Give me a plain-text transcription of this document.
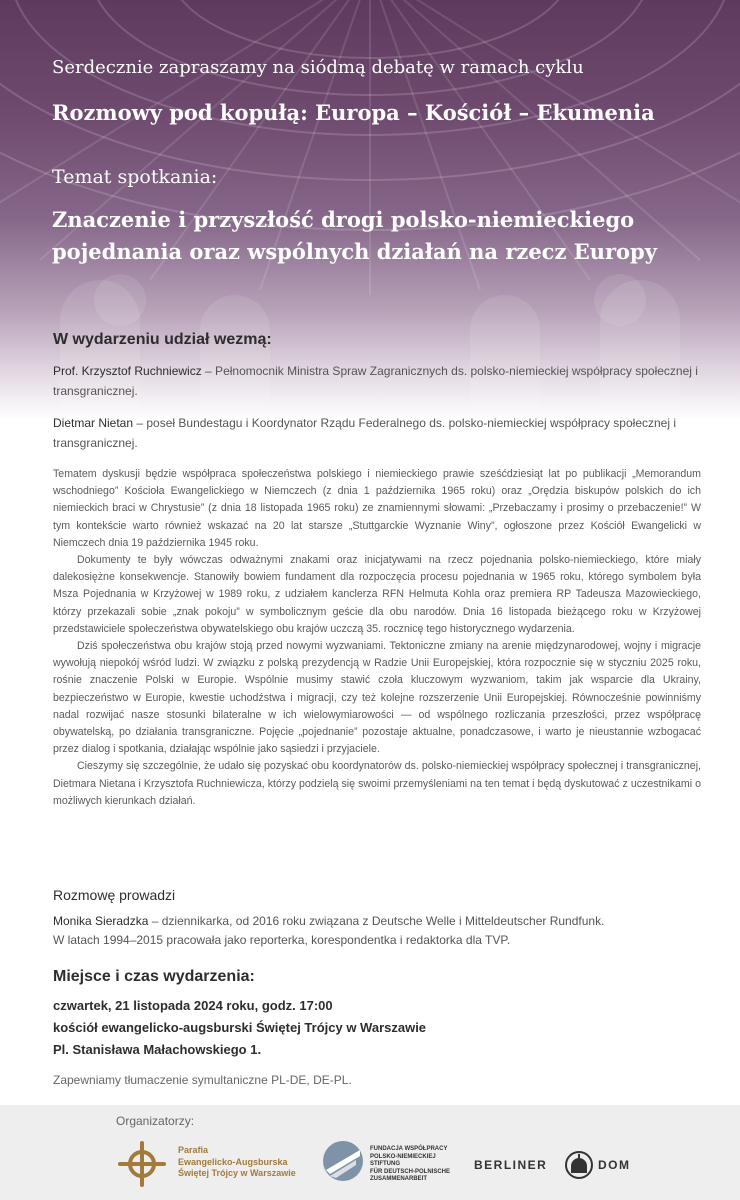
Serdecznie zapraszamy na siódmą debatę w ramach cyklu
Rozmowy pod kopułą: Europa – Kościół – Ekumenia
Temat spotkania:
Znaczenie i przyszłość drogi polsko-niemieckiego
pojednania oraz wspólnych działań na rzecz Europy
W wydarzeniu udział wezmą:
Prof. Krzysztof Ruchniewicz – Pełnomocnik Ministra Spraw Zagranicznych ds. polsko-niemieckiej współpracy społecznej i transgranicznej.
Dietmar Nietan – poseł Bundestagu i Koordynator Rządu Federalnego ds. polsko-niemieckiej współpracy społecznej i transgranicznej.

Tematem dyskusji będzie współpraca społeczeństwa polskiego i niemieckiego prawie sześćdziesiąt lat po publikacji „Memorandum wschodniego” Kościoła Ewangelickiego w Niemczech (z dnia 1 października 1965 roku) oraz „Orędzia biskupów polskich do ich niemieckich braci w Chrystusie” (z dnia 18 listopada 1965 roku) ze znamiennymi słowami: „Przebaczamy i prosimy o przebaczenie!” W tym kontekście warto również wskazać na 20 lat starsze „Stuttgarckie Wyznanie Winy”, ogłoszone przez Kościół Ewangelicki w Niemczech dnia 19 października 1945 roku.

Dokumenty te były wówczas odważnymi znakami oraz inicjatywami na rzecz pojednania polsko-niemieckiego, które miały dalekosiężne konsekwencje. Stanowiły bowiem fundament dla rozpoczęcia procesu pojednania w 1965 roku, którego symbolem była Msza Pojednania w Krzyżowej w 1989 roku, z udziałem kanclerza RFN Helmuta Kohla oraz premiera RP Tadeusza Mazowieckiego, którzy przekazali sobie „znak pokoju” w symbolicznym geście dla obu narodów. Dnia 16 listopada bieżącego roku w Krzyżowej przedstawiciele społeczeństwa obywatelskiego obu krajów uczczą 35. rocznicę tego historycznego wydarzenia.

Dziś społeczeństwa obu krajów stoją przed nowymi wyzwaniami. Tektoniczne zmiany na arenie międzynarodowej, wojny i migracje wywołują niepokój wśród ludzi. W związku z polską prezydencją w Radzie Unii Europejskiej, która rozpocznie się w styczniu 2025 roku, rośnie znaczenie Polski w Europie. Wspólnie musimy stawić czoła kluczowym wyzwaniom, takim jak wsparcie dla Ukrainy, bezpieczeństwo w Europie, kwestie uchodźstwa i migracji, czy też kolejne rozszerzenie Unii Europejskiej. Równocześnie powinniśmy nadal rozwijać nasze stosunki bilateralne w ich wielowymiarowości — od wspólnego rozliczania przeszłości, przez współpracę obywatelską, po działania transgraniczne. Pojęcie „pojednanie” pozostaje aktualne, ponadczasowe, i warto je nieustannie wzbogacać przez dialog i spotkania, działając wspólnie jako sąsiedzi i przyjaciele.

Cieszymy się szczególnie, że udało się pozyskać obu koordynatorów ds. polsko-niemieckiej współpracy społecznej i transgranicznej, Dietmara Nietana i Krzysztofa Ruchniewicza, którzy podzielą się swoimi przemyśleniami na ten temat i będą dyskutować z uczestnikami o możliwych kierunkach działań.

Rozmowę prowadzi
Monika Sieradzka – dziennikarka, od 2016 roku związana z Deutsche Welle i Mitteldeutscher Rundfunk.
W latach 1994–2015 pracowała jako reporterka, korespondentka i redaktorka dla TVP.
Miejsce i czas wydarzenia:
czwartek, 21 listopada 2024 roku, godz. 17:00
kościół ewangelicko-augsburski Świętej Trójcy w Warszawie
Pl. Stanisława Małachowskiego 1.
Zapewniamy tłumaczenie symultaniczne PL-DE, DE-PL.
Organizatorzy:
Parafia
Ewangelicko-Augsburska
Świętej Trójcy w Warszawie
FUNDACJA WSPÓŁPRACY
POLSKO-NIEMIECKIEJ
STIFTUNG
FÜR DEUTSCH-POLNISCHE
ZUSAMMENARBEIT
BERLINER	DOM
